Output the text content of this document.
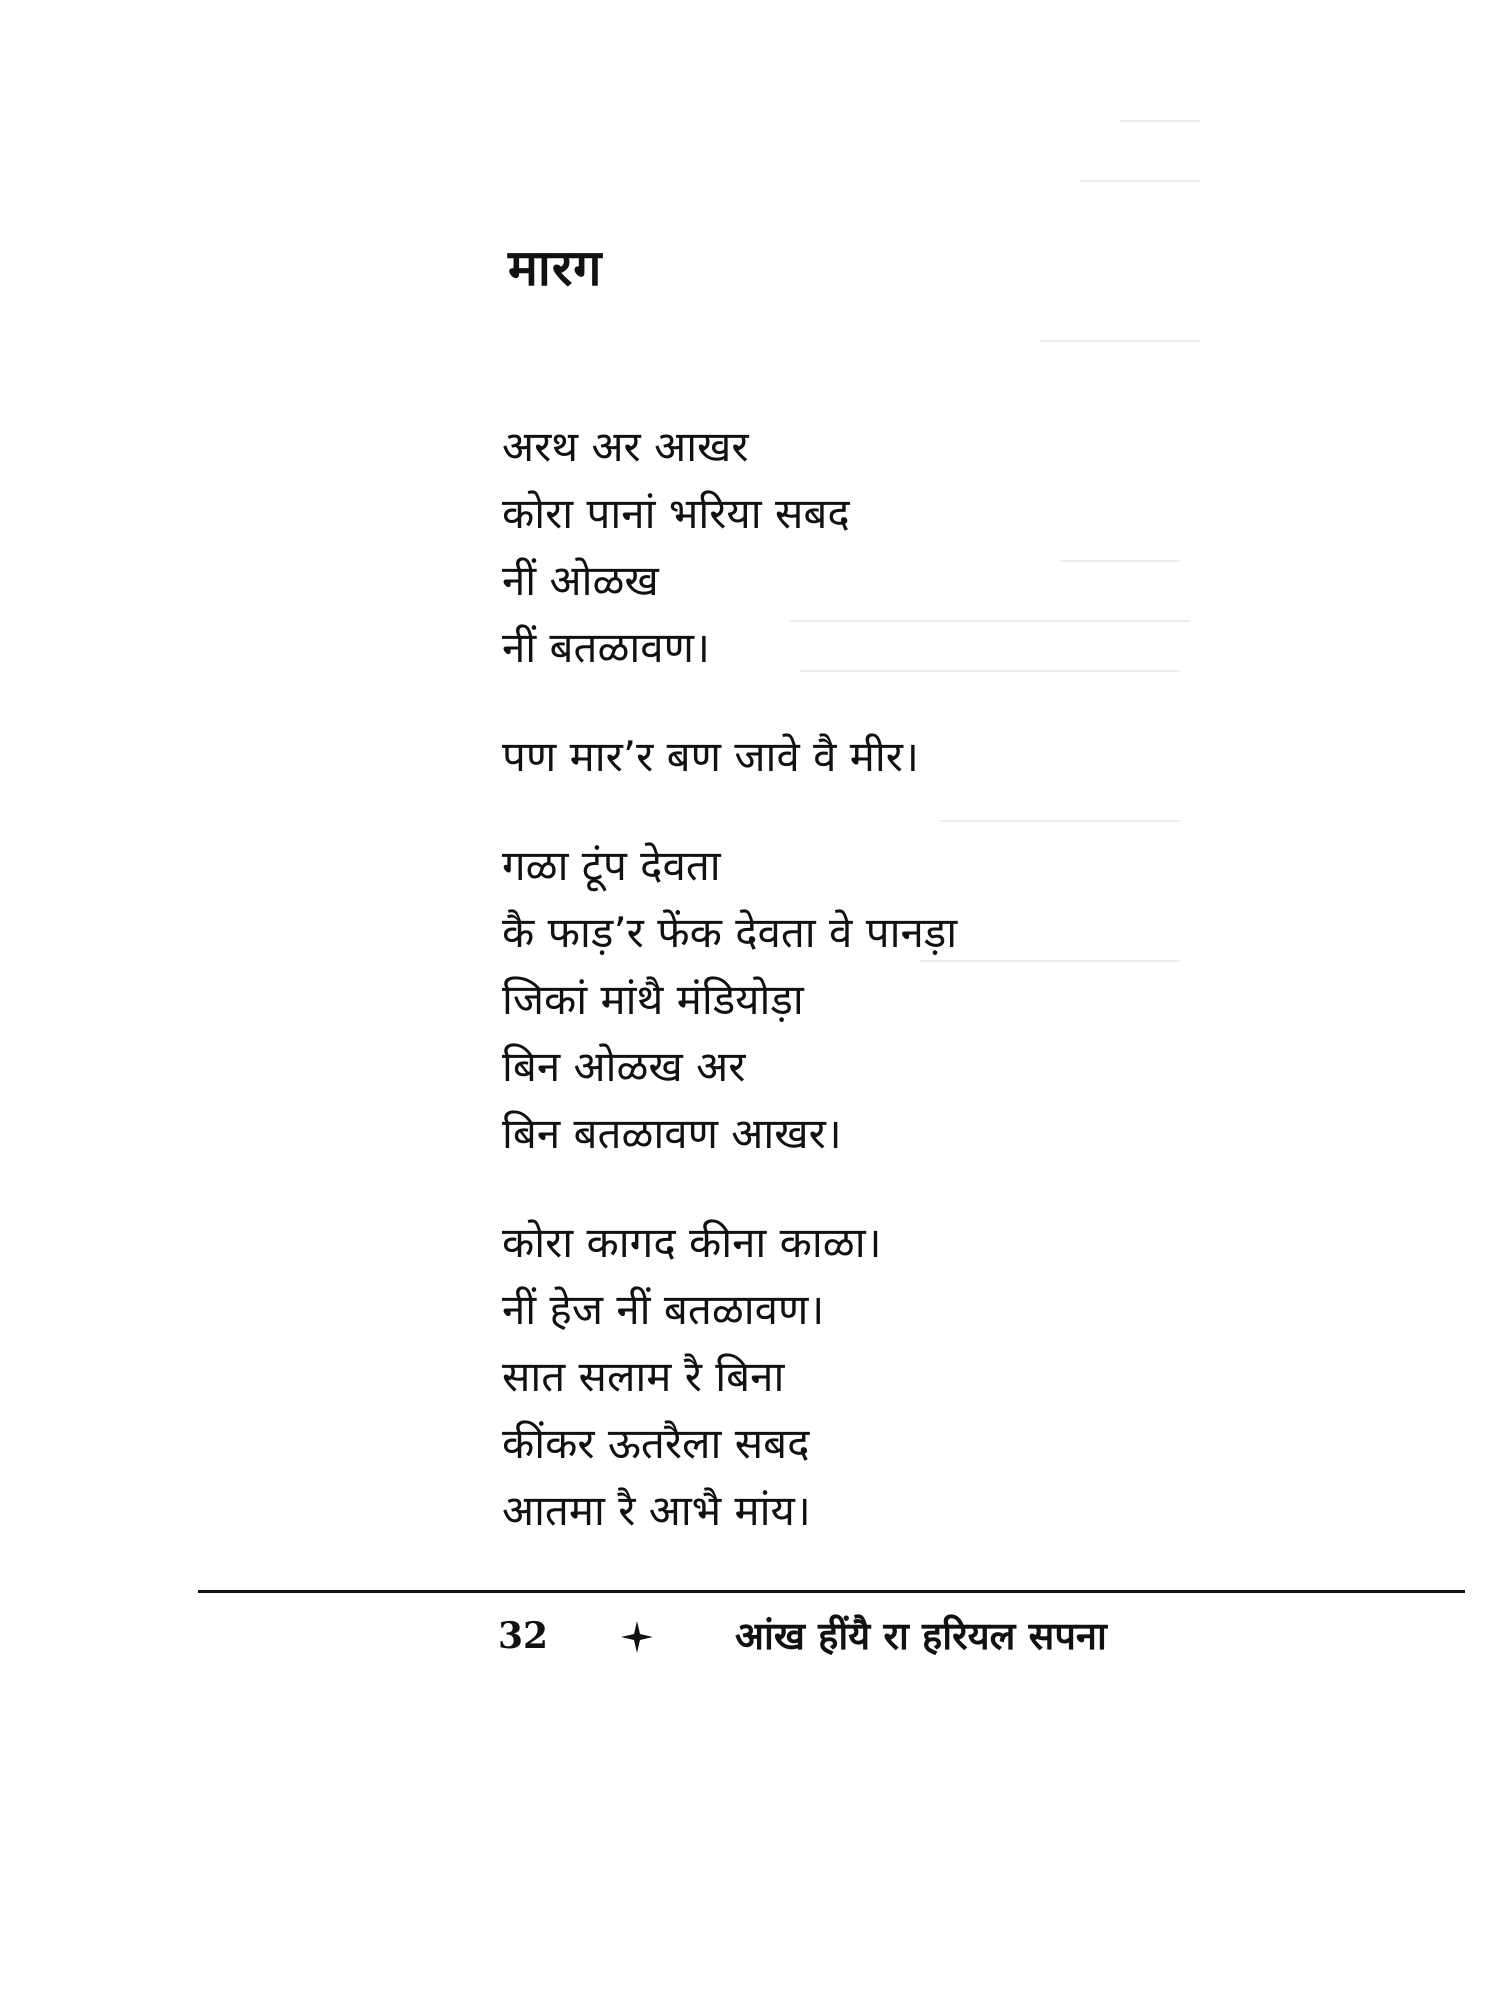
मारग

अरथ अर आखर
कोरा पानां भरिया सबद
नीं ओळख
नीं बतळावण।

पण मार’र बण जावे वै मीर।

गळा टूंप देवता
कै फाड़’र फेंक देवता वे पानड़ा
जिकां मांथै मंडियोड़ा
बिन ओळख अर
बिन बतळावण आखर।

कोरा कागद कीना काळा।
नीं हेज नीं बतळावण।
सात सलाम रै बिना
कींकर ऊतरैला सबद
आतमा रै आभै मांय।

32	आंख हींयै रा हरियल सपना
